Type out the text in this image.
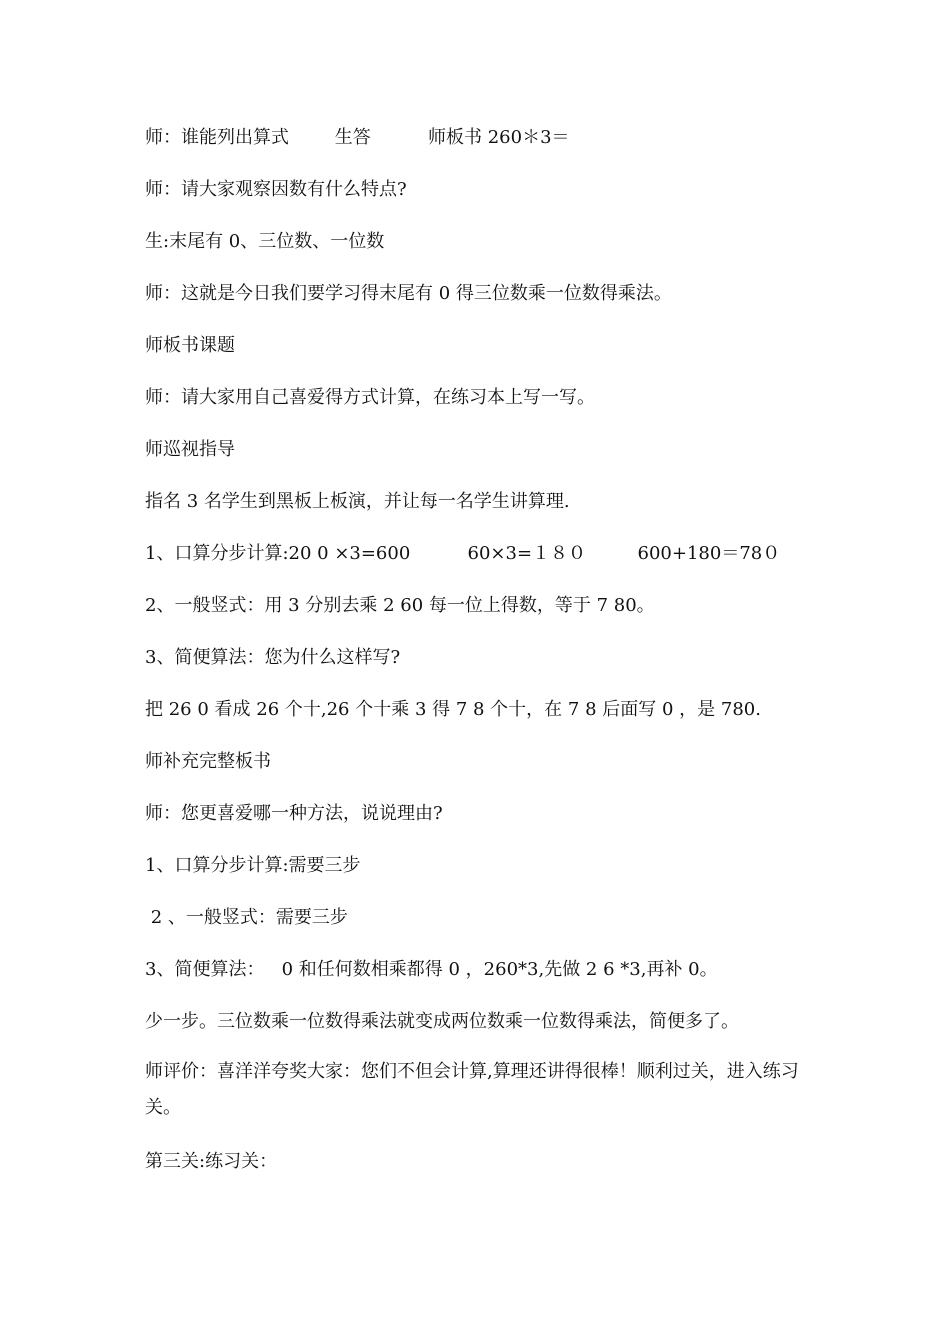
师：谁能列出算式        生答          师板书 260＊3＝
师：请大家观察因数有什么特点?
生:末尾有 0、三位数、一位数
师：这就是今日我们要学习得末尾有 0 得三位数乘一位数得乘法。
师板书课题
师：请大家用自己喜爱得方式计算，在练习本上写一写。
师巡视指导
指名 3 名学生到黑板上板演，并让每一名学生讲算理.
1、口算分步计算:20 0 ×3=600          60×3=１８０         600+180＝78０
2、一般竖式：用 3 分别去乘 2 60 每一位上得数，等于 7 80。
3、简便算法：您为什么这样写?
把 26 0 看成 26 个十,26 个十乘 3 得 7 8 个十，在 7 8 后面写 0 ，是 780.
师补充完整板书
师：您更喜爱哪一种方法，说说理由?
1、口算分步计算:需要三步
2 、一般竖式：需要三步
3、简便算法：   0 和任何数相乘都得 0 ，260*3,先做 2 6 *3,再补 0。
少一步。三位数乘一位数得乘法就变成两位数乘一位数得乘法，简便多了。
师评价：喜洋洋夸奖大家：您们不但会计算,算理还讲得很棒！顺利过关，进入练习关。
第三关:练习关：
